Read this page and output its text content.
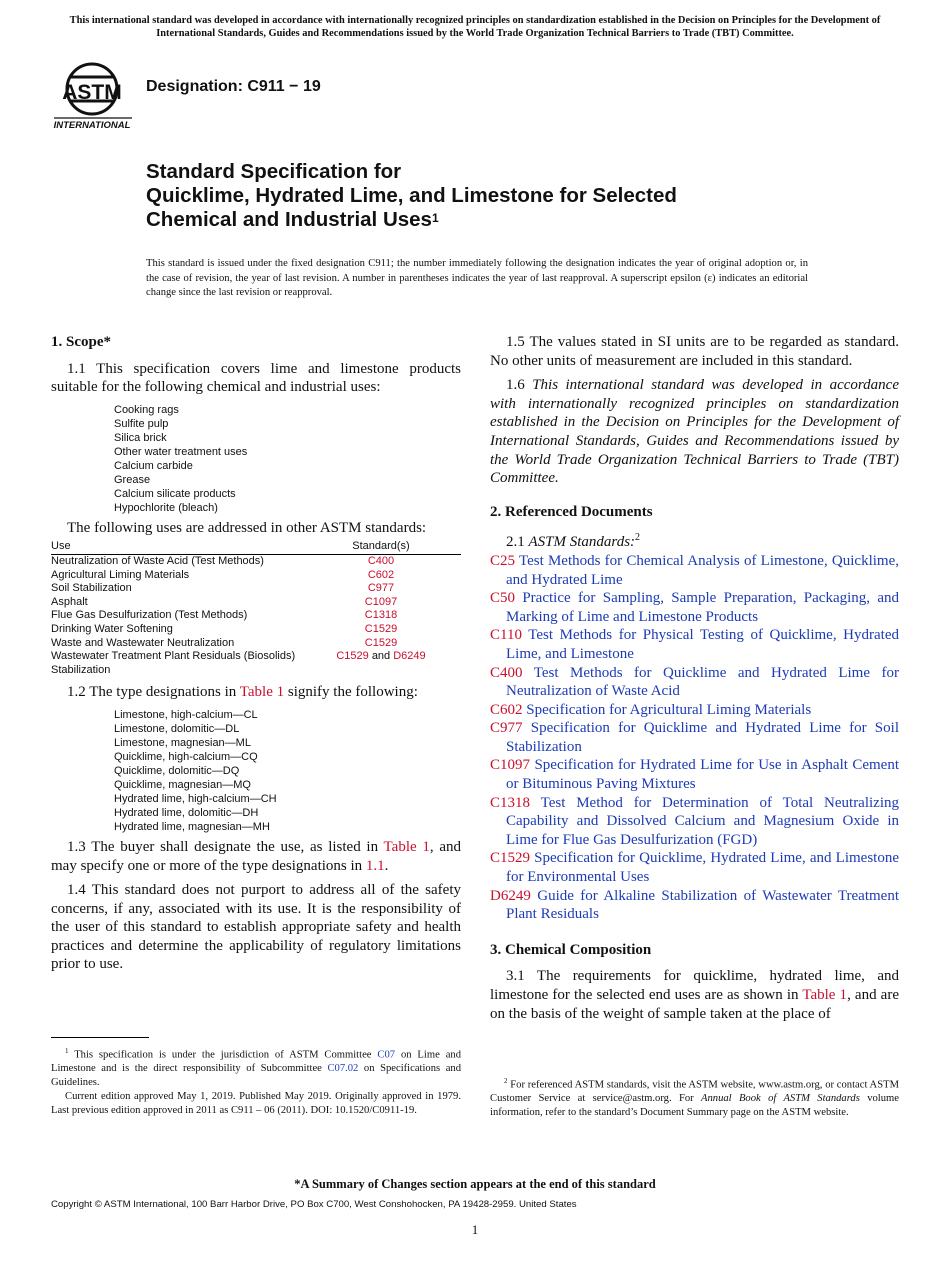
This international standard was developed in accordance with internationally recognized principles on standardization established in the Decision on Principles for the Development of International Standards, Guides and Recommendations issued by the World Trade Organization Technical Barriers to Trade (TBT) Committee.
ASTM
INTERNATIONAL
Designation: C911 − 19
Standard Specification for
Quicklime, Hydrated Lime, and Limestone for Selected
Chemical and Industrial Uses$^1$
This standard is issued under the fixed designation C911; the number immediately following the designation indicates the year of original adoption or, in the case of revision, the year of last revision. A number in parentheses indicates the year of last reapproval. A superscript epsilon (ε) indicates an editorial change since the last revision or reapproval.
1. Scope*

1.1 This specification covers lime and limestone products suitable for the following chemical and industrial uses:

Cooking rags
Sulfite pulp
Silica brick
Other water treatment uses
Calcium carbide
Grease
Calcium silicate products
Hypochlorite (bleach)

The following uses are addressed in other ASTM standards:

Use	Standard(s)
Neutralization of Waste Acid (Test Methods)	C400
Agricultural Liming Materials	C602
Soil Stabilization	C977
Asphalt	C1097
Flue Gas Desulfurization (Test Methods)	C1318
Drinking Water Softening	C1529
Waste and Wastewater Neutralization	C1529
Wastewater Treatment Plant Residuals (Biosolids) Stabilization	C1529 and D6249

1.2 The type designations in Table 1 signify the following:

Limestone, high-calcium—CL
Limestone, dolomitic—DL
Limestone, magnesian—ML
Quicklime, high-calcium—CQ
Quicklime, dolomitic—DQ
Quicklime, magnesian—MQ
Hydrated lime, high-calcium—CH
Hydrated lime, dolomitic—DH
Hydrated lime, magnesian—MH

1.3 The buyer shall designate the use, as listed in Table 1, and may specify one or more of the type designations in 1.1.

1.4 This standard does not purport to address all of the safety concerns, if any, associated with its use. It is the responsibility of the user of this standard to establish appropriate safety and health practices and determine the applicability of regulatory limitations prior to use.

1.5 The values stated in SI units are to be regarded as standard. No other units of measurement are included in this standard.

1.6 This international standard was developed in accordance with internationally recognized principles on standardization established in the Decision on Principles for the Development of International Standards, Guides and Recommendations issued by the World Trade Organization Technical Barriers to Trade (TBT) Committee.

2. Referenced Documents

2.1 ASTM Standards:$^2$

C25 Test Methods for Chemical Analysis of Limestone, Quicklime, and Hydrated Lime

C50 Practice for Sampling, Sample Preparation, Packaging, and Marking of Lime and Limestone Products

C110 Test Methods for Physical Testing of Quicklime, Hydrated Lime, and Limestone

C400 Test Methods for Quicklime and Hydrated Lime for Neutralization of Waste Acid

C602 Specification for Agricultural Liming Materials

C977 Specification for Quicklime and Hydrated Lime for Soil Stabilization

C1097 Specification for Hydrated Lime for Use in Asphalt Cement or Bituminous Paving Mixtures

C1318 Test Method for Determination of Total Neutralizing Capability and Dissolved Calcium and Magnesium Oxide in Lime for Flue Gas Desulfurization (FGD)

C1529 Specification for Quicklime, Hydrated Lime, and Limestone for Environmental Uses

D6249 Guide for Alkaline Stabilization of Wastewater Treatment Plant Residuals

3. Chemical Composition

3.1 The requirements for quicklime, hydrated lime, and limestone for the selected end uses are as shown in Table 1, and are on the basis of the weight of sample taken at the place of

$^1$ This specification is under the jurisdiction of ASTM Committee C07 on Lime and Limestone and is the direct responsibility of Subcommittee C07.02 on Specifications and Guidelines.

Current edition approved May 1, 2019. Published May 2019. Originally approved in 1979. Last previous edition approved in 2011 as C911 – 06 (2011). DOI: 10.1520/C0911-19.

$^2$ For referenced ASTM standards, visit the ASTM website, www.astm.org, or contact ASTM Customer Service at service@astm.org. For Annual Book of ASTM Standards volume information, refer to the standard’s Document Summary page on the ASTM website.

*A Summary of Changes section appears at the end of this standard
Copyright © ASTM International, 100 Barr Harbor Drive, PO Box C700, West Conshohocken, PA 19428-2959. United States
1
